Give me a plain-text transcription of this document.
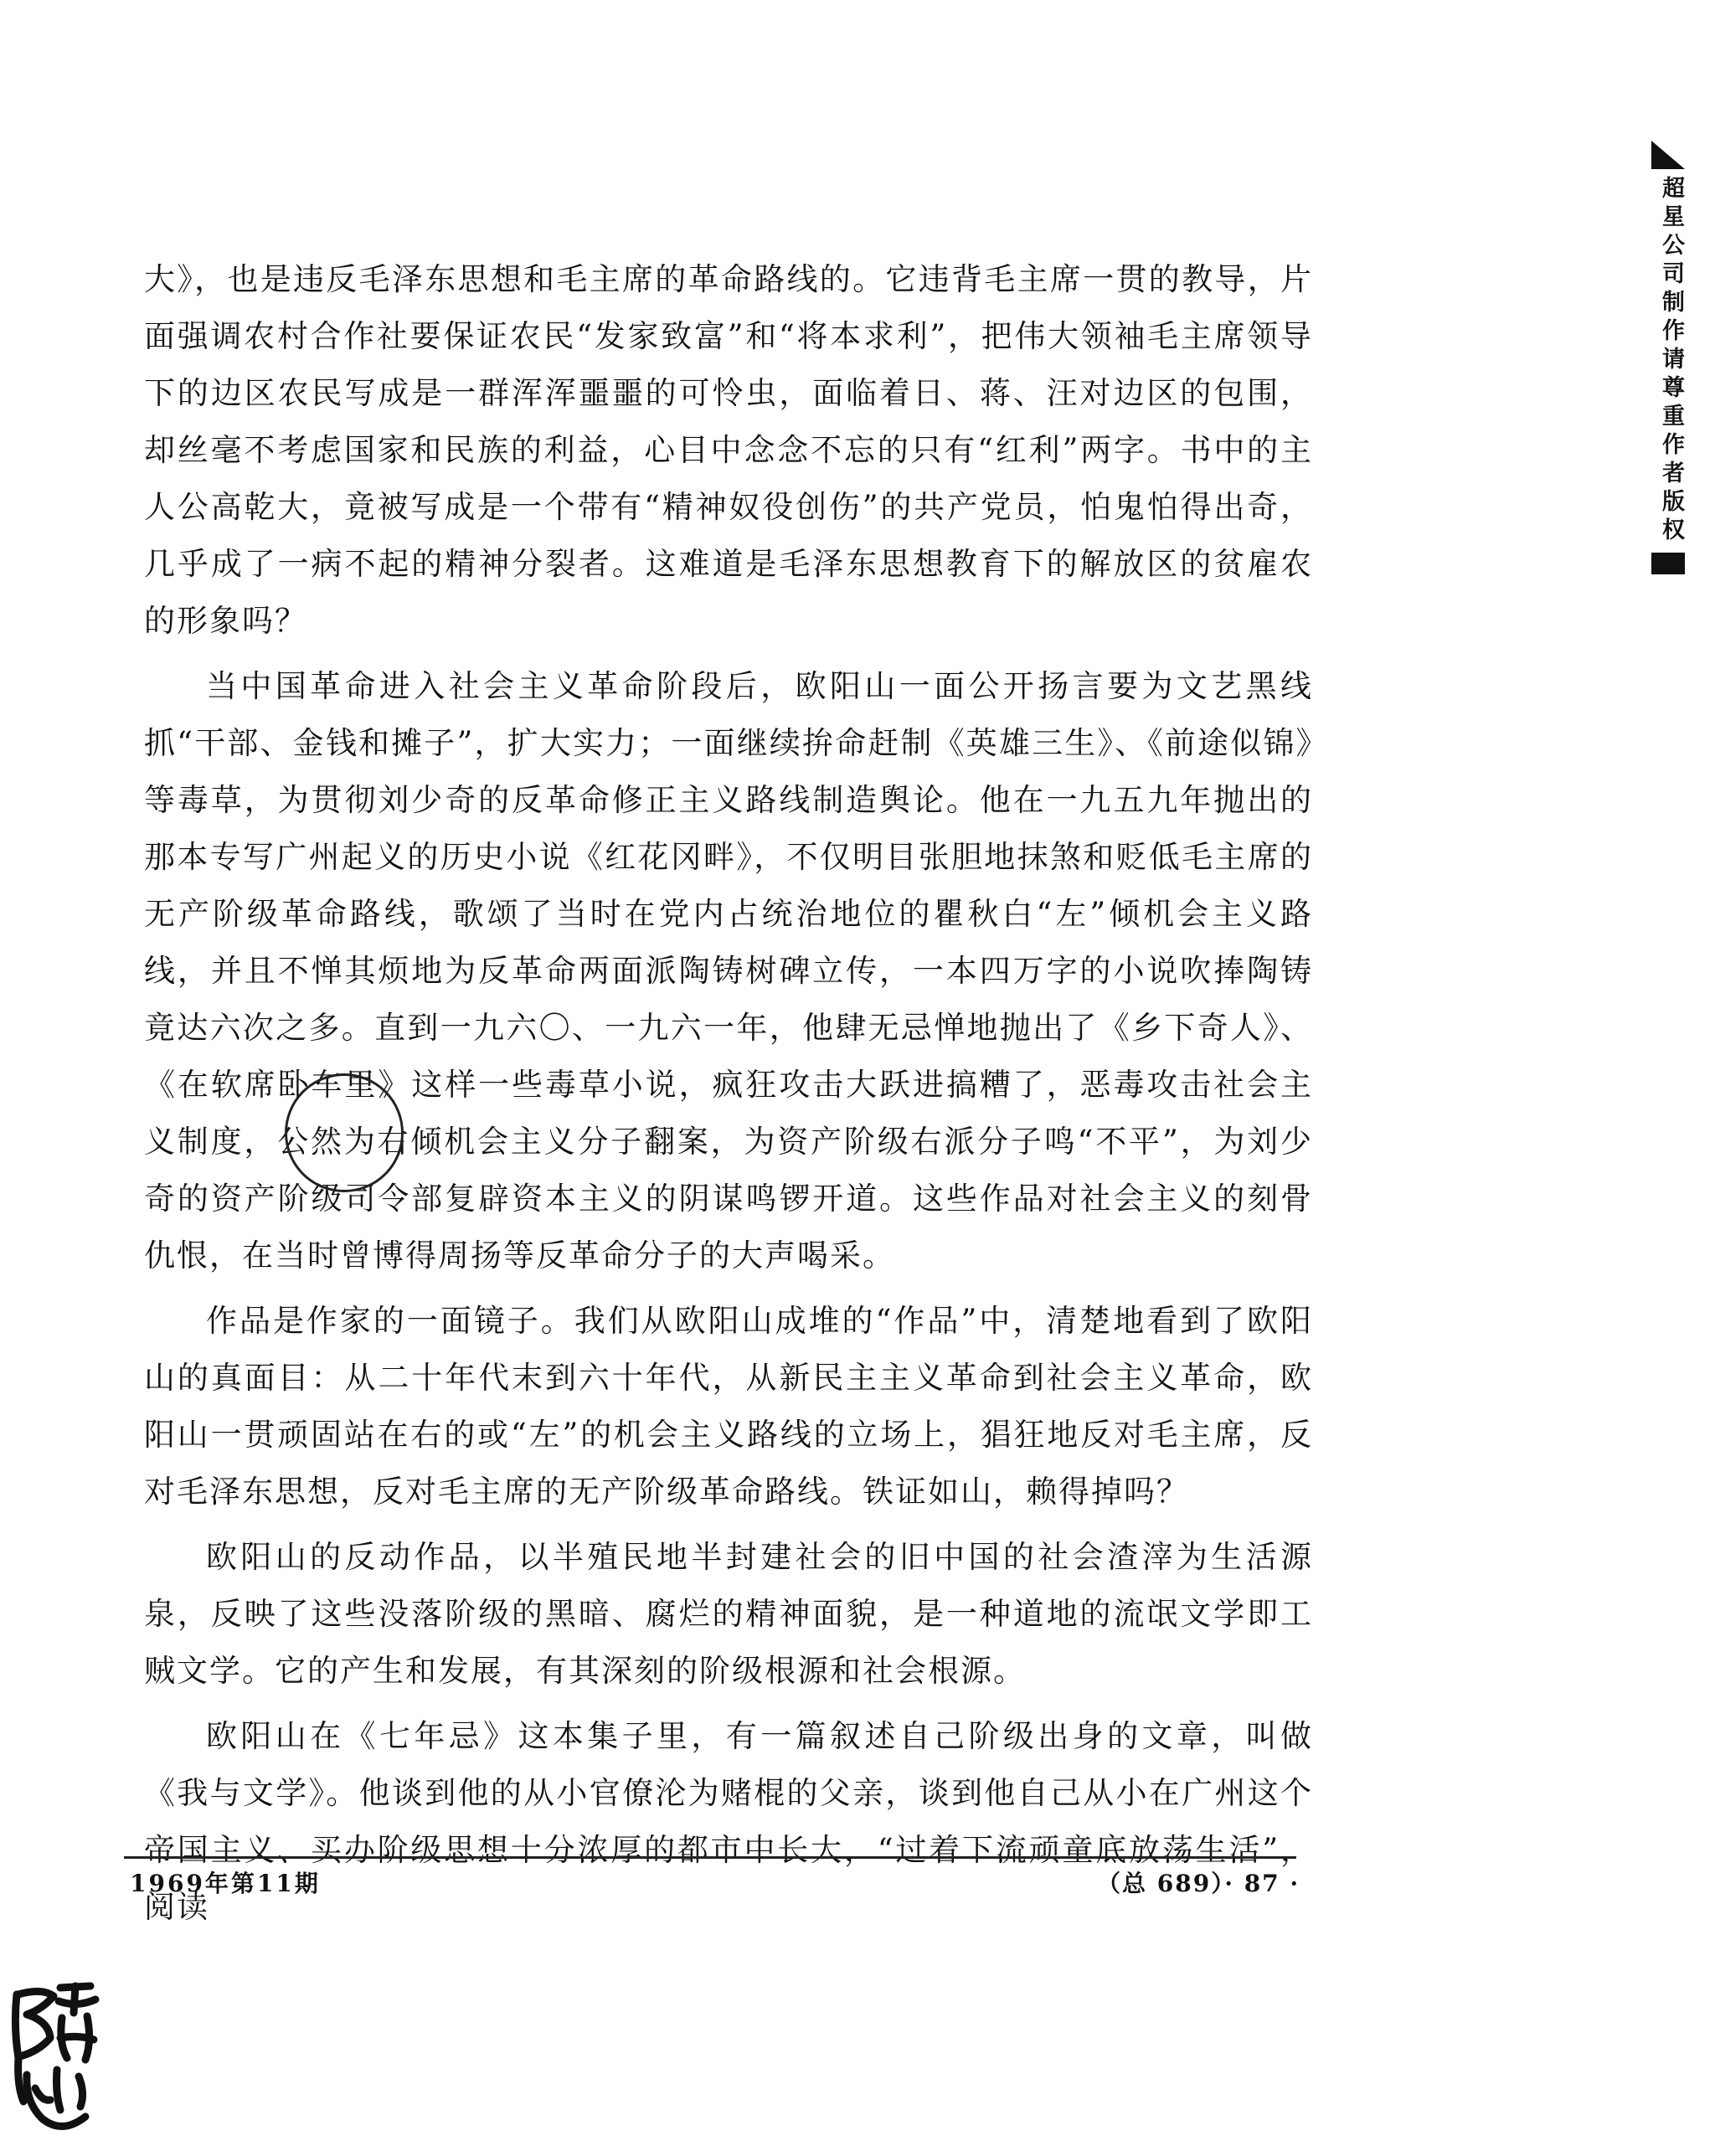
大》，也是违反毛泽东思想和毛主席的革命路线的。它违背毛主席一贯的教导，片面强调农村合作社要保证农民“发家致富”和“将本求利”，把伟大领袖毛主席领导下的边区农民写成是一群浑浑噩噩的可怜虫，面临着日、蒋、汪对边区的包围，却丝毫不考虑国家和民族的利益，心目中念念不忘的只有“红利”两字。书中的主人公高乾大，竟被写成是一个带有“精神奴役创伤”的共产党员，怕鬼怕得出奇，几乎成了一病不起的精神分裂者。这难道是毛泽东思想教育下的解放区的贫雇农的形象吗？

当中国革命进入社会主义革命阶段后，欧阳山一面公开扬言要为文艺黑线抓“干部、金钱和摊子”，扩大实力；一面继续拚命赶制《英雄三生》、《前途似锦》等毒草，为贯彻刘少奇的反革命修正主义路线制造舆论。他在一九五九年抛出的那本专写广州起义的历史小说《红花冈畔》，不仅明目张胆地抹煞和贬低毛主席的无产阶级革命路线，歌颂了当时在党内占统治地位的瞿秋白“左”倾机会主义路线，并且不惮其烦地为反革命两面派陶铸树碑立传，一本四万字的小说吹捧陶铸竟达六次之多。直到一九六〇、一九六一年，他肆无忌惮地抛出了《乡下奇人》、《在软席卧车里》这样一些毒草小说，疯狂攻击大跃进搞糟了，恶毒攻击社会主义制度，公然为右倾机会主义分子翻案，为资产阶级右派分子鸣“不平”，为刘少奇的资产阶级司令部复辟资本主义的阴谋鸣锣开道。这些作品对社会主义的刻骨仇恨，在当时曾博得周扬等反革命分子的大声喝采。

作品是作家的一面镜子。我们从欧阳山成堆的“作品”中，清楚地看到了欧阳山的真面目：从二十年代末到六十年代，从新民主主义革命到社会主义革命，欧阳山一贯顽固站在右的或“左”的机会主义路线的立场上，猖狂地反对毛主席，反对毛泽东思想，反对毛主席的无产阶级革命路线。铁证如山，赖得掉吗？

欧阳山的反动作品，以半殖民地半封建社会的旧中国的社会渣滓为生活源泉，反映了这些没落阶级的黑暗、腐烂的精神面貌，是一种道地的流氓文学即工贼文学。它的产生和发展，有其深刻的阶级根源和社会根源。

欧阳山在《七年忌》这本集子里，有一篇叙述自己阶级出身的文章，叫做《我与文学》。他谈到他的从小官僚沦为赌棍的父亲，谈到他自己从小在广州这个帝国主义、买办阶级思想十分浓厚的都市中长大，“过着下流顽童底放荡生活”，阅读

1969年第11期	（总 689）· 87 ·
超星公司制作请尊重作者版权
